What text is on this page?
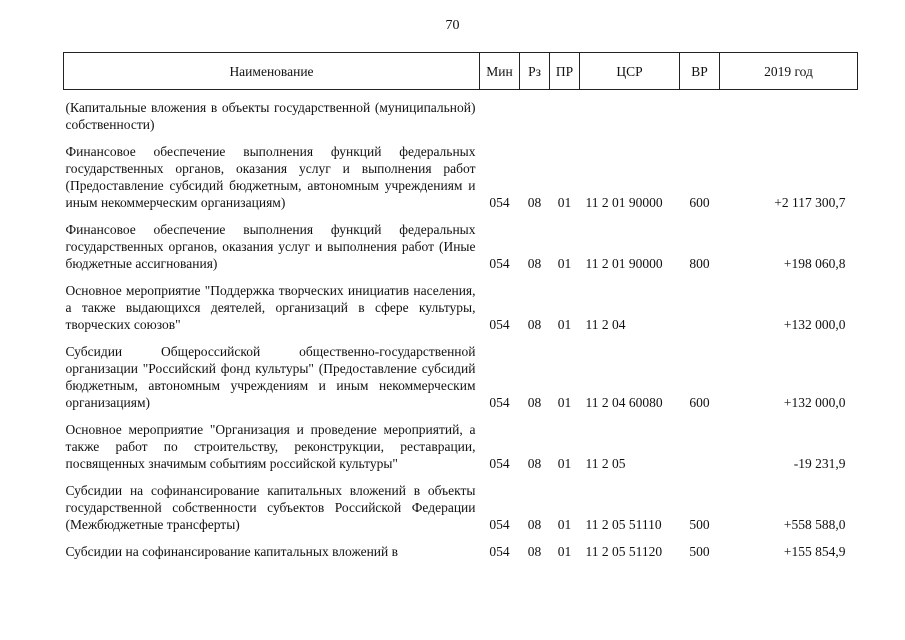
70
Наименование	Мин	Рз	ПР	ЦСР	ВР	2019 год
(Капитальные вложения в объекты государственной (муниципальной) собственности)						
Финансовое обеспечение выполнения функций федеральных государственных органов, оказания услуг и выполнения работ (Предоставление субсидий бюджетным, автономным учреждениям и иным некоммерческим организациям)	054	08	01	11 2 01 90000	600	+2 117 300,7
Финансовое обеспечение выполнения функций федеральных государственных органов, оказания услуг и выполнения работ (Иные бюджетные ассигнования)	054	08	01	11 2 01 90000	800	+198 060,8
Основное мероприятие "Поддержка творческих инициатив населения, а также выдающихся деятелей, организаций в сфере культуры, творческих союзов"	054	08	01	11 2 04		+132 000,0
Субсидии Общероссийской общественно-государственной организации "Российский фонд культуры" (Предоставление субсидий бюджетным, автономным учреждениям и иным некоммерческим организациям)	054	08	01	11 2 04 60080	600	+132 000,0
Основное мероприятие "Организация и проведение мероприятий, а также работ по строительству, реконструкции, реставрации, посвященных значимым событиям российской культуры"	054	08	01	11 2 05		-19 231,9
Субсидии на софинансирование капитальных вложений в объекты государственной собственности субъектов Российской Федерации (Межбюджетные трансферты)	054	08	01	11 2 05 51110	500	+558 588,0
Субсидии на софинансирование капитальных вложений в	054	08	01	11 2 05 51120	500	+155 854,9
